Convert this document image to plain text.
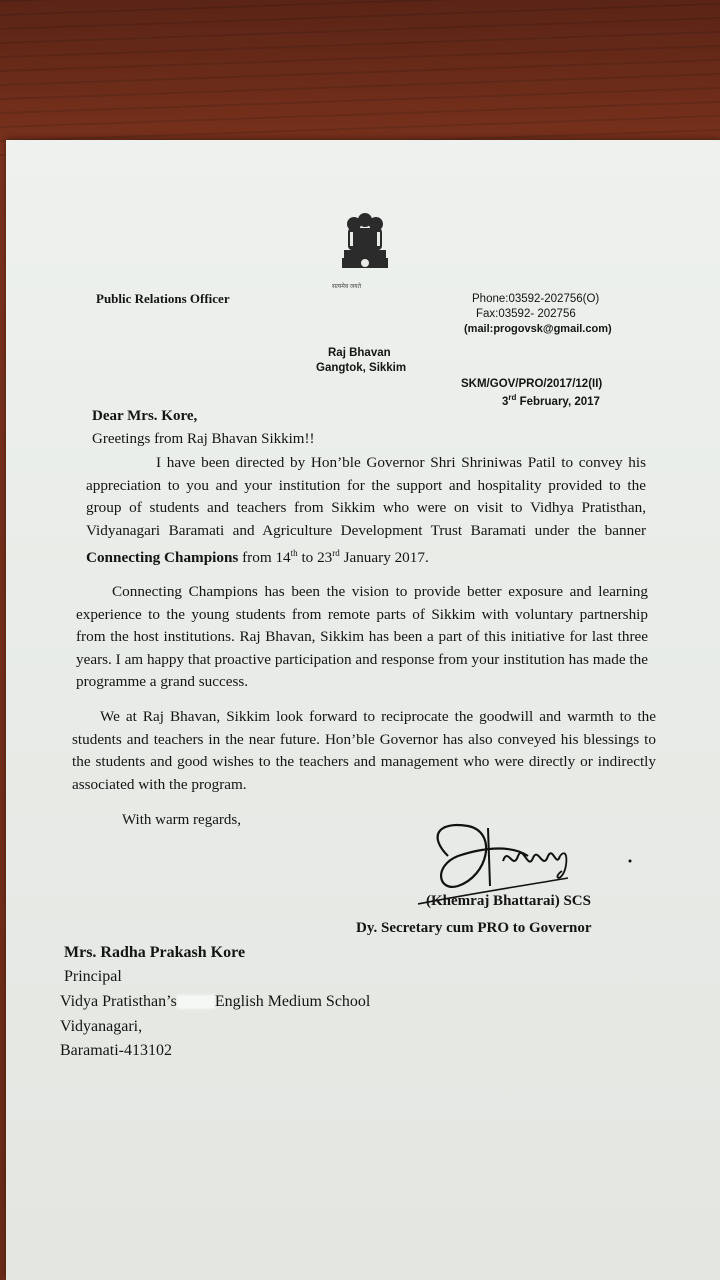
सत्यमेव जयते
Public Relations Officer	Phone:03592-202756(O)
Fax:03592- 202756
(mail:progovsk@gmail.com)
Raj Bhavan
Gangtok, Sikkim
SKM/GOV/PRO/2017/12(II)
3rd February, 2017
Dear Mrs. Kore,
Greetings from Raj Bhavan Sikkim!!
I have been directed by Hon’ble Governor Shri Shriniwas Patil to convey his appreciation to you and your institution for the support and hospitality provided to the group of students and teachers from Sikkim who were on visit to Vidhya Pratisthan, Vidyanagari Baramati and Agriculture Development Trust Baramati under the banner Connecting Champions from 14th to 23rd January 2017.
Connecting Champions has been the vision to provide better exposure and learning experience to the young students from remote parts of Sikkim with voluntary partnership from the host institutions. Raj Bhavan, Sikkim has been a part of this initiative for last three years. I am happy that proactive participation and response from your institution has made the programme a grand success.
We at Raj Bhavan, Sikkim look forward to reciprocate the goodwill and warmth to the students and teachers in the near future. Hon’ble Governor has also conveyed his blessings to the students and good wishes to the teachers and management who were directly or indirectly associated with the program.
With warm regards,
(Khemraj Bhattarai) SCS
Dy. Secretary cum PRO to Governor
Mrs. Radha Prakash Kore
Principal
Vidya Pratisthan’s English Medium School
Vidyanagari,
Baramati-413102
